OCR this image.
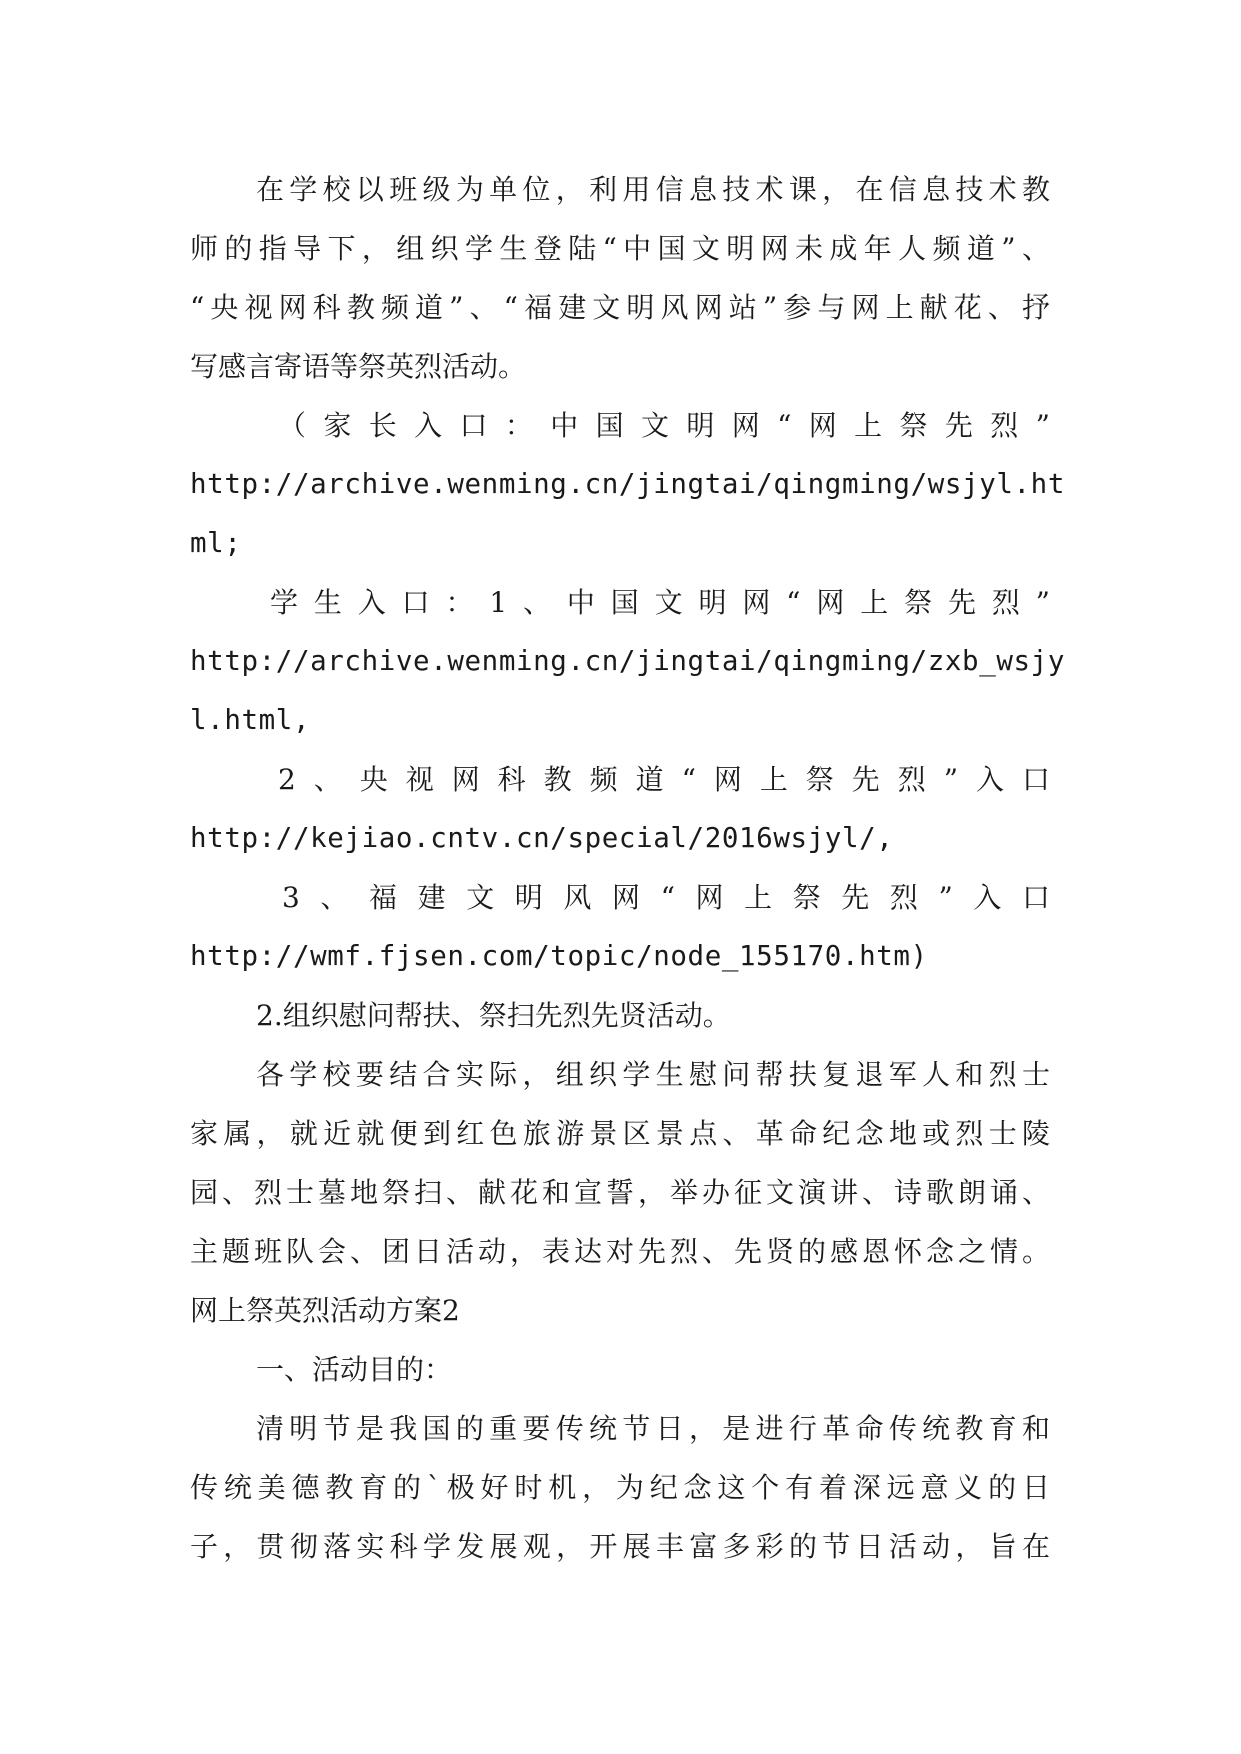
在学校以班级为单位，利用信息技术课，在信息技术教
师的指导下，组织学生登陆“中国文明网未成年人频道”、
“央视网科教频道”、“福建文明风网站”参与网上献花、抒
写感言寄语等祭英烈活动。
（家长入口：中国文明网“网上祭先烈”
http://archive.wenming.cn/jingtai/qingming/wsjyl.ht
ml;
学生入口：1、中国文明网“网上祭先烈”
http://archive.wenming.cn/jingtai/qingming/zxb_wsjy
l.html,
2、央视网科教频道“网上祭先烈”入口
http://kejiao.cntv.cn/special/2016wsjyl/,
3、福建文明风网“网上祭先烈”入口
http://wmf.fjsen.com/topic/node_155170.htm)
2.组织慰问帮扶、祭扫先烈先贤活动。
各学校要结合实际，组织学生慰问帮扶复退军人和烈士
家属，就近就便到红色旅游景区景点、革命纪念地或烈士陵
园、烈士墓地祭扫、献花和宣誓，举办征文演讲、诗歌朗诵、
主题班队会、团日活动，表达对先烈、先贤的感恩怀念之情。
网上祭英烈活动方案2
一、活动目的：
清明节是我国的重要传统节日，是进行革命传统教育和
传统美德教育的`极好时机，为纪念这个有着深远意义的日
子，贯彻落实科学发展观，开展丰富多彩的节日活动，旨在
